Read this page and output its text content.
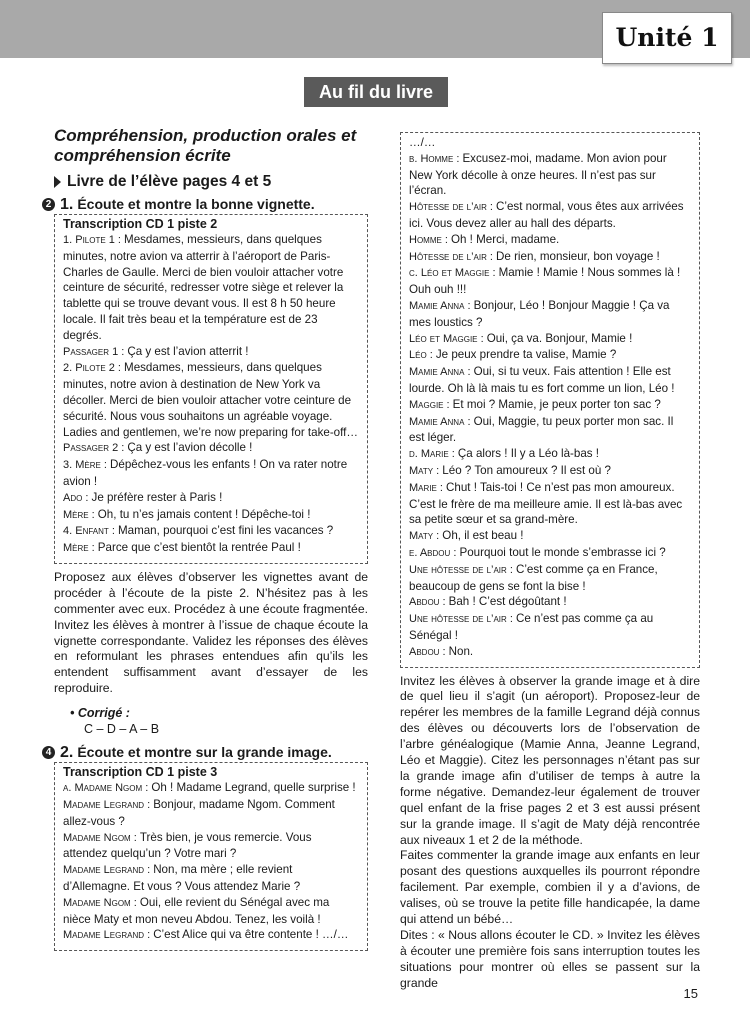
Unité 1
Au fil du livre
Compréhension, production orales et compréhension écrite
Livre de l’élève pages 4 et 5
2 1. Écoute et montre la bonne vignette.
Transcription CD 1 piste 2

1. Pilote 1 : Mesdames, messieurs, dans quelques minutes, notre avion va atterrir à l’aéroport de Paris-Charles de Gaulle. Merci de bien vouloir attacher votre ceinture de sécurité, redresser votre siège et relever la tablette qui se trouve devant vous. Il est 8 h 50 heure locale. Il fait très beau et la température est de 23 degrés.

Passager 1 : Ça y est l’avion atterrit !

2. Pilote 2 : Mesdames, messieurs, dans quelques minutes, notre avion à destination de New York va décoller. Merci de bien vouloir attacher votre ceinture de sécurité. Nous vous souhaitons un agréable voyage.

Ladies and gentlemen, we’re now preparing for take-off…

Passager 2 : Ça y est l’avion décolle !

3. Mère : Dépêchez-vous les enfants ! On va rater notre avion !

Ado : Je préfère rester à Paris !

Mère : Oh, tu n’es jamais content ! Dépêche-toi !

4. Enfant : Maman, pourquoi c’est fini les vacances ?

Mère : Parce que c’est bientôt la rentrée Paul !

Proposez aux élèves d’observer les vignettes avant de procéder à l’écoute de la piste 2. N’hésitez pas à les commenter avec eux. Procédez à une écoute fragmentée. Invitez les élèves à montrer à l’issue de chaque écoute la vignette correspondante. Validez les réponses des élèves en reformulant les phrases entendues afin qu’ils les entendent suffisamment avant d’essayer de les reproduire.

• Corrigé :
C – D – A – B
4 2. Écoute et montre sur la grande image.
Transcription CD 1 piste 3

a. Madame Ngom : Oh ! Madame Legrand, quelle surprise !

Madame Legrand : Bonjour, madame Ngom. Comment allez-vous ?

Madame Ngom : Très bien, je vous remercie. Vous attendez quelqu’un ? Votre mari ?

Madame Legrand : Non, ma mère ; elle revient d’Allemagne. Et vous ? Vous attendez Marie ?

Madame Ngom : Oui, elle revient du Sénégal avec ma nièce Maty et mon neveu Abdou. Tenez, les voilà !

Madame Legrand : C’est Alice qui va être contente ! …/…

…/…

b. Homme : Excusez-moi, madame. Mon avion pour New York décolle à onze heures. Il n’est pas sur l’écran.

Hôtesse de l’air : C’est normal, vous êtes aux arrivées ici. Vous devez aller au hall des départs.

Homme : Oh ! Merci, madame.

Hôtesse de l’air : De rien, monsieur, bon voyage !

c. Léo et Maggie : Mamie ! Mamie ! Nous sommes là ! Ouh ouh !!!

Mamie Anna : Bonjour, Léo ! Bonjour Maggie ! Ça va mes loustics ?

Léo et Maggie : Oui, ça va. Bonjour, Mamie !

Léo : Je peux prendre ta valise, Mamie ?

Mamie Anna : Oui, si tu veux. Fais attention ! Elle est lourde. Oh là là mais tu es fort comme un lion, Léo !

Maggie : Et moi ? Mamie, je peux porter ton sac ?

Mamie Anna : Oui, Maggie, tu peux porter mon sac. Il est léger.

d. Marie : Ça alors ! Il y a Léo là-bas !

Maty : Léo ? Ton amoureux ? Il est où ?

Marie : Chut ! Tais-toi ! Ce n’est pas mon amoureux. C’est le frère de ma meilleure amie. Il est là-bas avec sa petite sœur et sa grand-mère.

Maty : Oh, il est beau !

e. Abdou : Pourquoi tout le monde s’embrasse ici ?

Une hôtesse de l’air : C’est comme ça en France, beaucoup de gens se font la bise !

Abdou : Bah ! C’est dégoûtant !

Une hôtesse de l’air : Ce n’est pas comme ça au Sénégal !

Abdou : Non.

Invitez les élèves à observer la grande image et à dire de quel lieu il s’agit (un aéroport). Proposez-leur de repérer les membres de la famille Legrand déjà connus des élèves ou découverts lors de l’observation de l’arbre généalogique (Mamie Anna, Jeanne Legrand, Léo et Maggie). Citez les personnages n’étant pas sur la grande image afin d’utiliser de temps à autre la forme négative. Demandez-leur également de trouver quel enfant de la frise pages 2 et 3 est aussi présent sur la grande image. Il s’agit de Maty déjà rencontrée aux niveaux 1 et 2 de la méthode.

Faites commenter la grande image aux enfants en leur posant des questions auxquelles ils pourront répondre facilement. Par exemple, combien il y a d’avions, de valises, où se trouve la petite fille handicapée, la dame qui attend un bébé…

Dites : « Nous allons écouter le CD. » Invitez les élèves à écouter une première fois sans interruption toutes les situations pour montrer où elles se passent sur la grande

15
